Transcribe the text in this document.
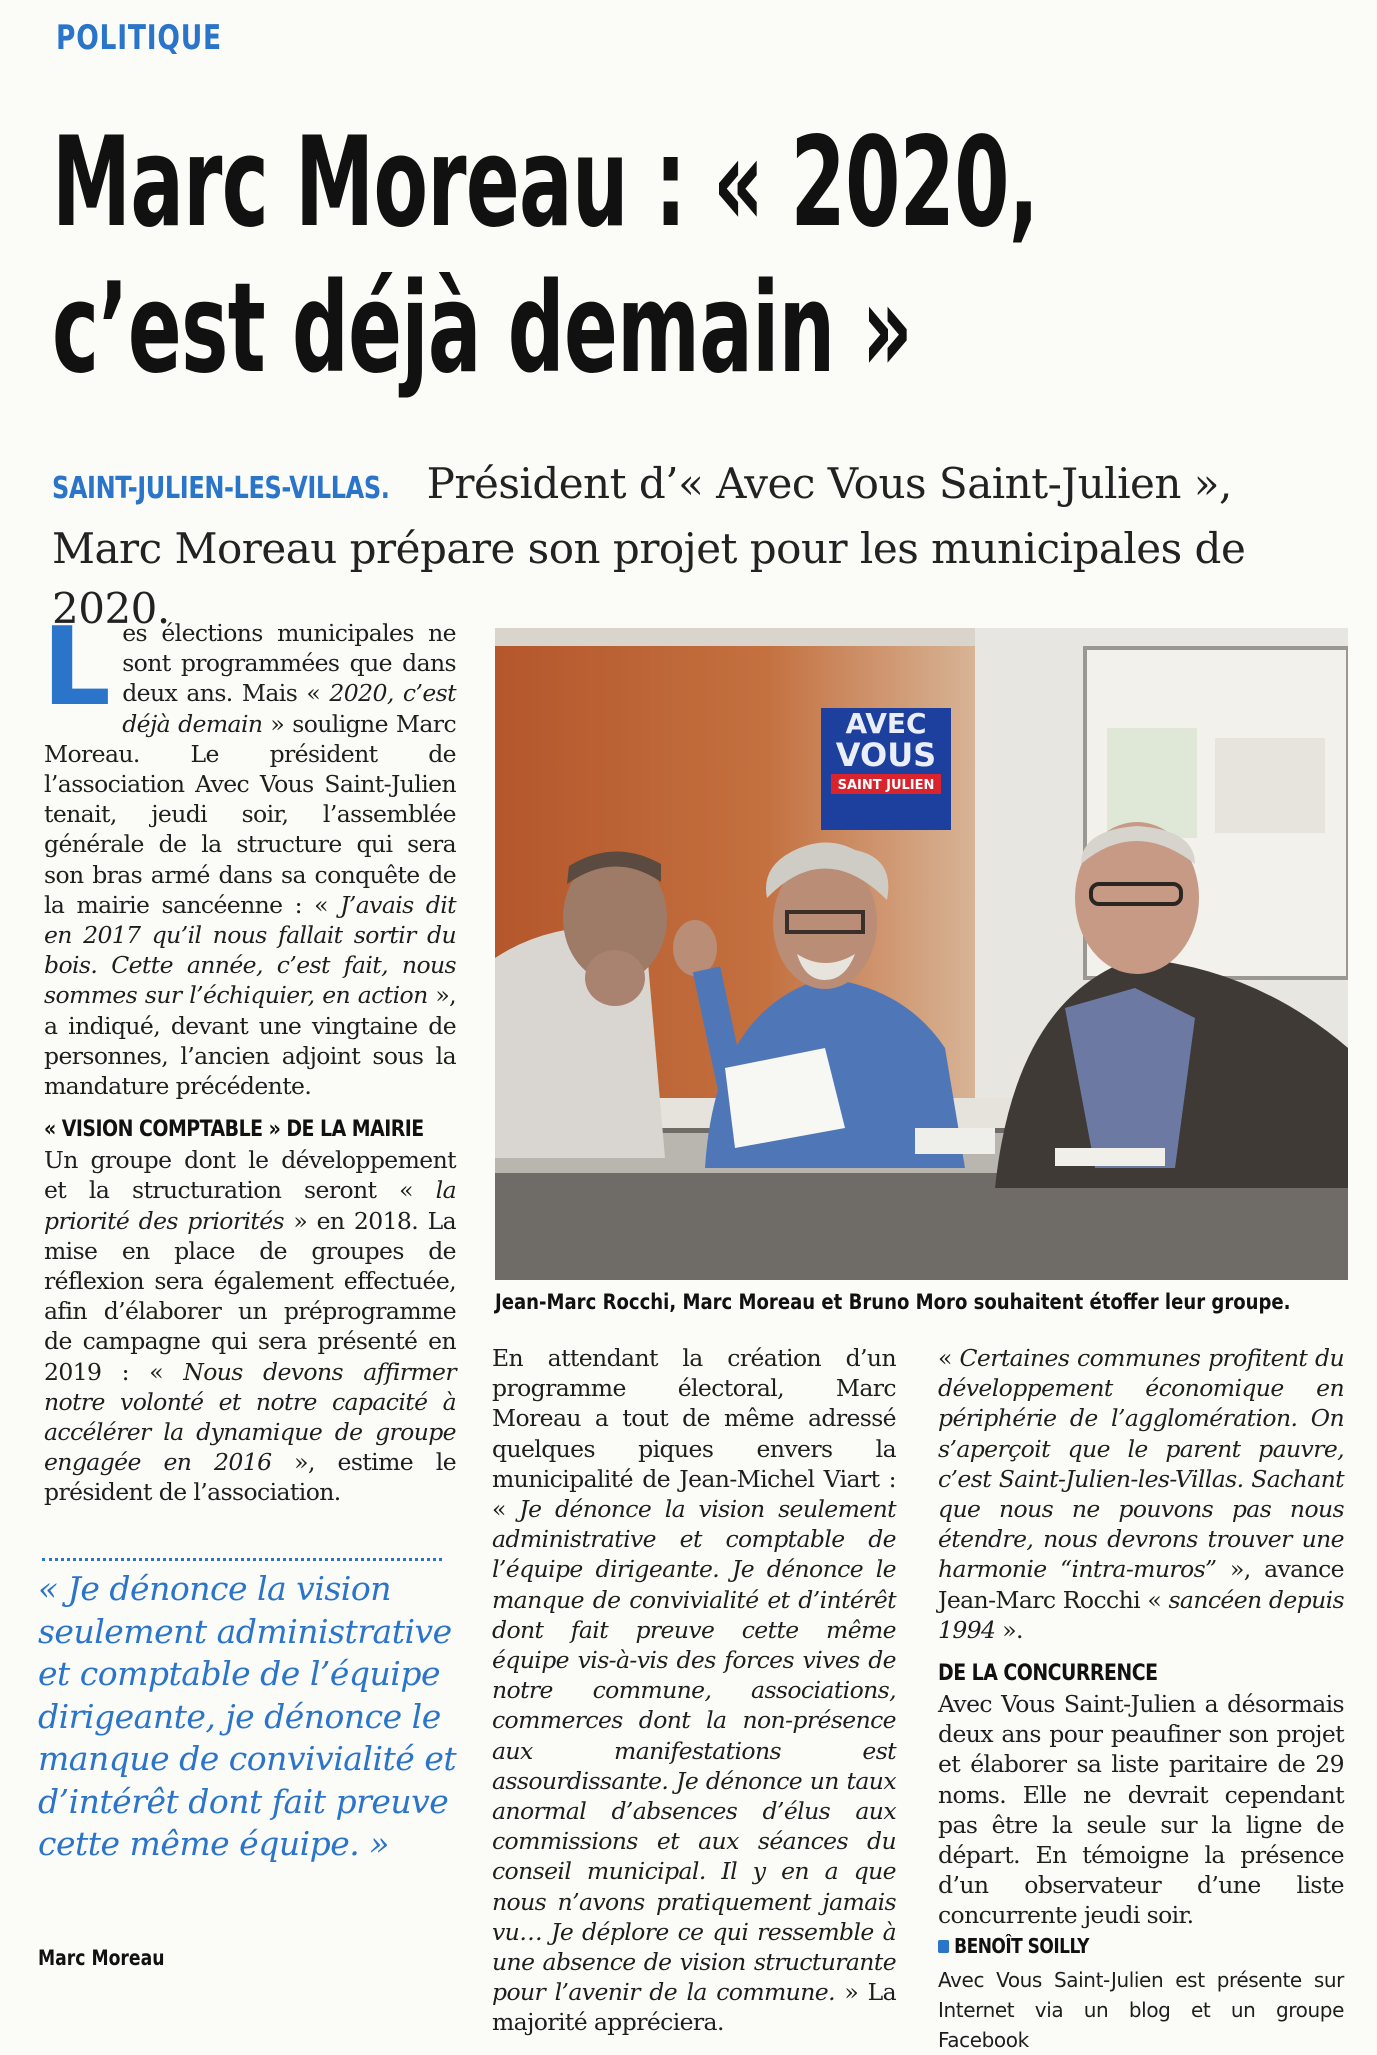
POLITIQUE
Marc Moreau : « 2020,
c’est déjà demain »

SAINT-JULIEN-LES-VILLAS. Président d’« Avec Vous Saint-Julien », Marc Moreau prépare son projet pour les municipales de 2020.

Les élections municipales ne sont programmées que dans deux ans. Mais « 2020, c’est déjà demain » souligne Marc Moreau. Le président de l’association Avec Vous Saint-Julien tenait, jeudi soir, l’assemblée générale de la structure qui sera son bras armé dans sa conquête de la mairie sancéenne : « J’avais dit en 2017 qu’il nous fallait sortir du bois. Cette année, c’est fait, nous sommes sur l’échiquier, en action », a indiqué, devant une vingtaine de personnes, l’ancien adjoint sous la mandature précédente.

« VISION COMPTABLE » DE LA MAIRIE

Un groupe dont le développement et la structuration seront « la priorité des priorités » en 2018. La mise en place de groupes de réflexion sera également effectuée, afin d’élaborer un préprogramme de campagne qui sera présenté en 2019 : « Nous devons affirmer notre volonté et notre capacité à accélérer la dynamique de groupe engagée en 2016 », estime le président de l’association.

« Je dénonce la vision seulement administrative et comptable de l’équipe dirigeante, je dénonce le manque de convivialité et d’intérêt dont fait preuve cette même équipe. »

Marc Moreau
AVEC
VOUS
SAINT JULIEN
Jean-Marc Rocchi, Marc Moreau et Bruno Moro souhaitent étoffer leur groupe.

En attendant la création d’un programme électoral, Marc Moreau a tout de même adressé quelques piques envers la municipalité de Jean-Michel Viart : « Je dénonce la vision seulement administrative et comptable de l’équipe dirigeante. Je dénonce le manque de convivialité et d’intérêt dont fait preuve cette même équipe vis-à-vis des forces vives de notre commune, associations, commerces dont la non-présence aux manifestations est assourdissante. Je dénonce un taux anormal d’absences d’élus aux commissions et aux séances du conseil municipal. Il y en a que nous n’avons pratiquement jamais vu… Je déplore ce qui ressemble à une absence de vision structurante pour l’avenir de la commune. » La majorité appréciera.

« Certaines communes profitent du développement économique en périphérie de l’agglomération. On s’aperçoit que le parent pauvre, c’est Saint-Julien-les-Villas. Sachant que nous ne pouvons pas nous étendre, nous devrons trouver une harmonie “intra-muros” », avance Jean-Marc Rocchi « sancéen depuis 1994 ».

DE LA CONCURRENCE

Avec Vous Saint-Julien a désormais deux ans pour peaufiner son projet et élaborer sa liste paritaire de 29 noms. Elle ne devrait cependant pas être la seule sur la ligne de départ. En témoigne la présence d’un observateur d’une liste concurrente jeudi soir.

BENOÎT SOILLY

Avec Vous Saint-Julien est présente sur Internet via un blog et un groupe Facebook
